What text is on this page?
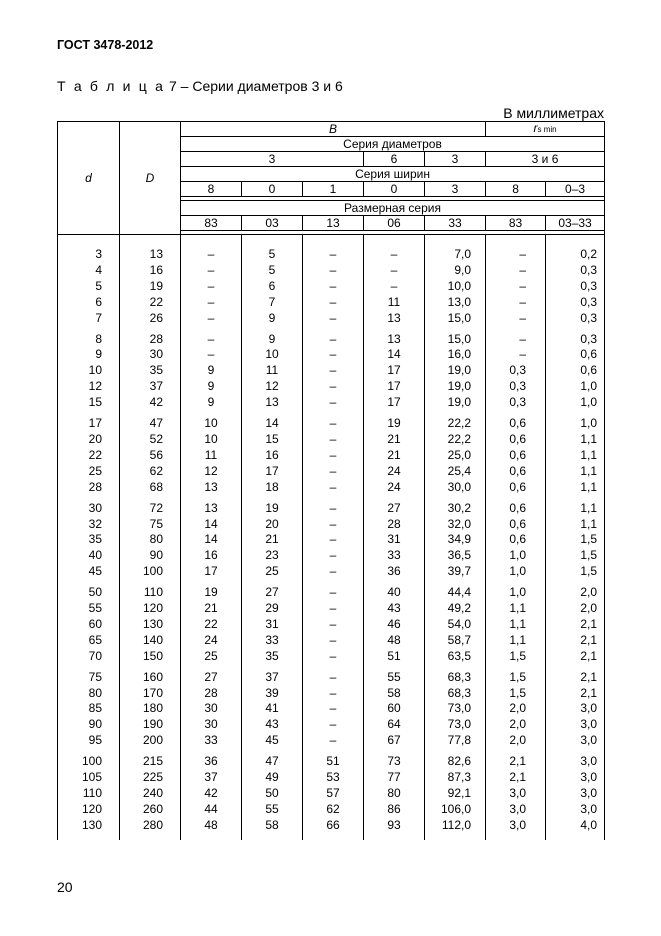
ГОСТ 3478-2012
Т а б л и ц а 7 – Серии диаметров 3 и 6
В миллиметрах
d	D	B					rs min	
		Серия диаметров						
		3			6	3	3 и 6	
		Серия ширин						
		8	0	1	0	3	8	0–3

		Размерная серия						
		83	03	13	06	33	83	03–33

3	13	–	5	–	–	7,0	–	0,2
4	16	–	5	–	–	9,0	–	0,3
5	19	–	6	–	–	10,0	–	0,3
6	22	–	7	–	11	13,0	–	0,3
7	26	–	9	–	13	15,0	–	0,3

8	28	–	9	–	13	15,0	–	0,3
9	30	–	10	–	14	16,0	–	0,6
10	35	9	11	–	17	19,0	0,3	0,6
12	37	9	12	–	17	19,0	0,3	1,0
15	42	9	13	–	17	19,0	0,3	1,0

17	47	10	14	–	19	22,2	0,6	1,0
20	52	10	15	–	21	22,2	0,6	1,1
22	56	11	16	–	21	25,0	0,6	1,1
25	62	12	17	–	24	25,4	0,6	1,1
28	68	13	18	–	24	30,0	0,6	1,1

30	72	13	19	–	27	30,2	0,6	1,1
32	75	14	20	–	28	32,0	0,6	1,1
35	80	14	21	–	31	34,9	0,6	1,5
40	90	16	23	–	33	36,5	1,0	1,5
45	100	17	25	–	36	39,7	1,0	1,5

50	110	19	27	–	40	44,4	1,0	2,0
55	120	21	29	–	43	49,2	1,1	2,0
60	130	22	31	–	46	54,0	1,1	2,1
65	140	24	33	–	48	58,7	1,1	2,1
70	150	25	35	–	51	63,5	1,5	2,1

75	160	27	37	–	55	68,3	1,5	2,1
80	170	28	39	–	58	68,3	1,5	2,1
85	180	30	41	–	60	73,0	2,0	3,0
90	190	30	43	–	64	73,0	2,0	3,0
95	200	33	45	–	67	77,8	2,0	3,0

100	215	36	47	51	73	82,6	2,1	3,0
105	225	37	49	53	77	87,3	2,1	3,0
110	240	42	50	57	80	92,1	3,0	3,0
120	260	44	55	62	86	106,0	3,0	3,0
130	280	48	58	66	93	112,0	3,0	4,0

20
